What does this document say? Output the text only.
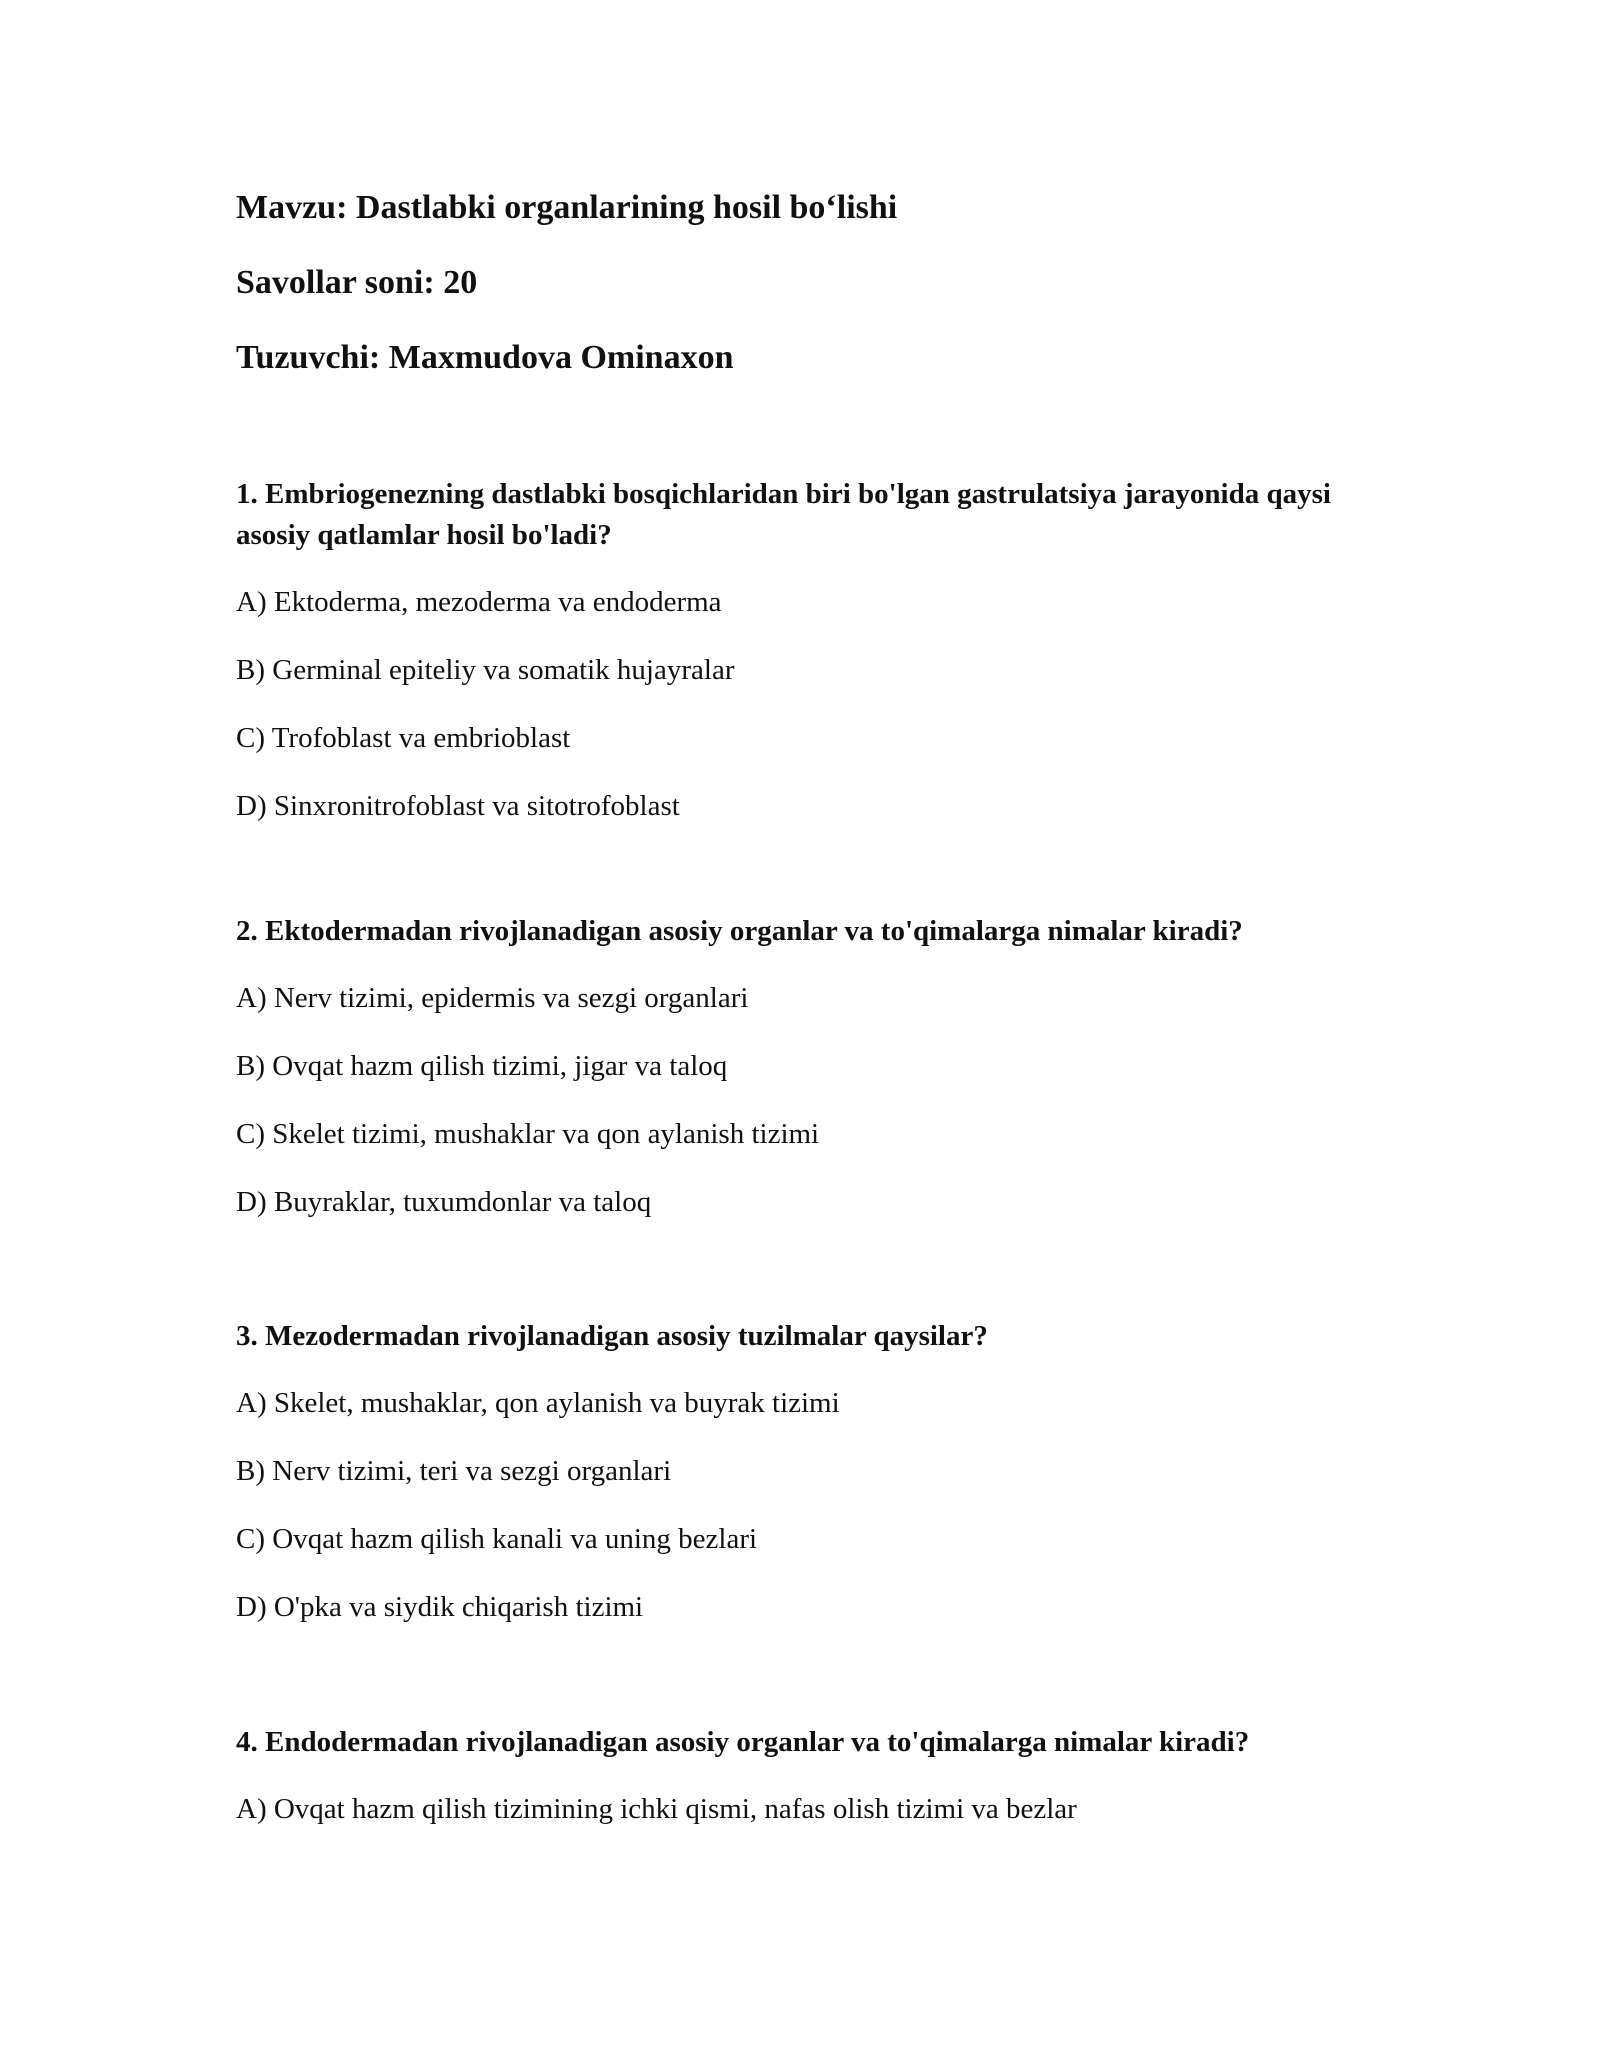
Mavzu: Dastlabki organlarining hosil bo‘lishi

Savollar soni: 20

Tuzuvchi: Maxmudova Ominaxon

1. Embriogenezning dastlabki bosqichlaridan biri bo'lgan gastrulatsiya jarayonida qaysi asosiy qatlamlar hosil bo'ladi?

A) Ektoderma, mezoderma va endoderma
B) Germinal epiteliy va somatik hujayralar
C) Trofoblast va embrioblast
D) Sinxronitrofoblast va sitotrofoblast

2. Ektodermadan rivojlanadigan asosiy organlar va to'qimalarga nimalar kiradi?

A) Nerv tizimi, epidermis va sezgi organlari
B) Ovqat hazm qilish tizimi, jigar va taloq
C) Skelet tizimi, mushaklar va qon aylanish tizimi
D) Buyraklar, tuxumdonlar va taloq

3. Mezodermadan rivojlanadigan asosiy tuzilmalar qaysilar?

A) Skelet, mushaklar, qon aylanish va buyrak tizimi
B) Nerv tizimi, teri va sezgi organlari
C) Ovqat hazm qilish kanali va uning bezlari
D) O'pka va siydik chiqarish tizimi

4. Endodermadan rivojlanadigan asosiy organlar va to'qimalarga nimalar kiradi?

A) Ovqat hazm qilish tizimining ichki qismi, nafas olish tizimi va bezlar
